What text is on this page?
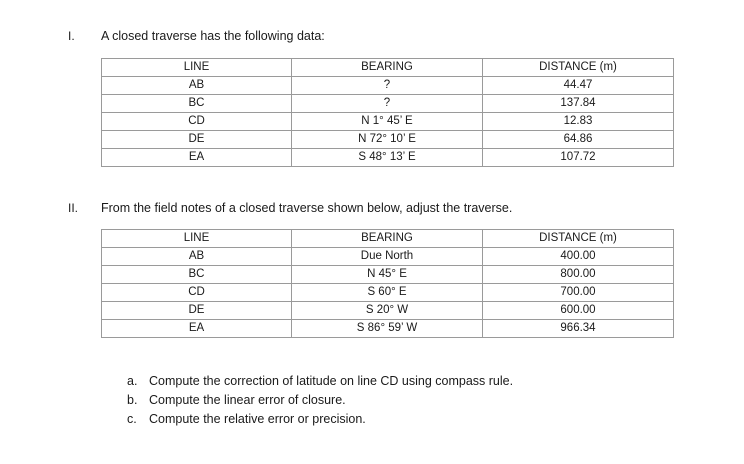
I. A closed traverse has the following data:
LINE	BEARING	DISTANCE (m)
AB	?	44.47
BC	?	137.84
CD	N 1° 45’ E	12.83
DE	N 72° 10’ E	64.86
EA	S 48° 13’ E	107.72
II. From the field notes of a closed traverse shown below, adjust the traverse.
LINE	BEARING	DISTANCE (m)
AB	Due North	400.00
BC	N 45° E	800.00
CD	S 60° E	700.00
DE	S 20° W	600.00
EA	S 86° 59’ W	966.34
a. Compute the correction of latitude on line CD using compass rule.
b. Compute the linear error of closure.
c. Compute the relative error or precision.
